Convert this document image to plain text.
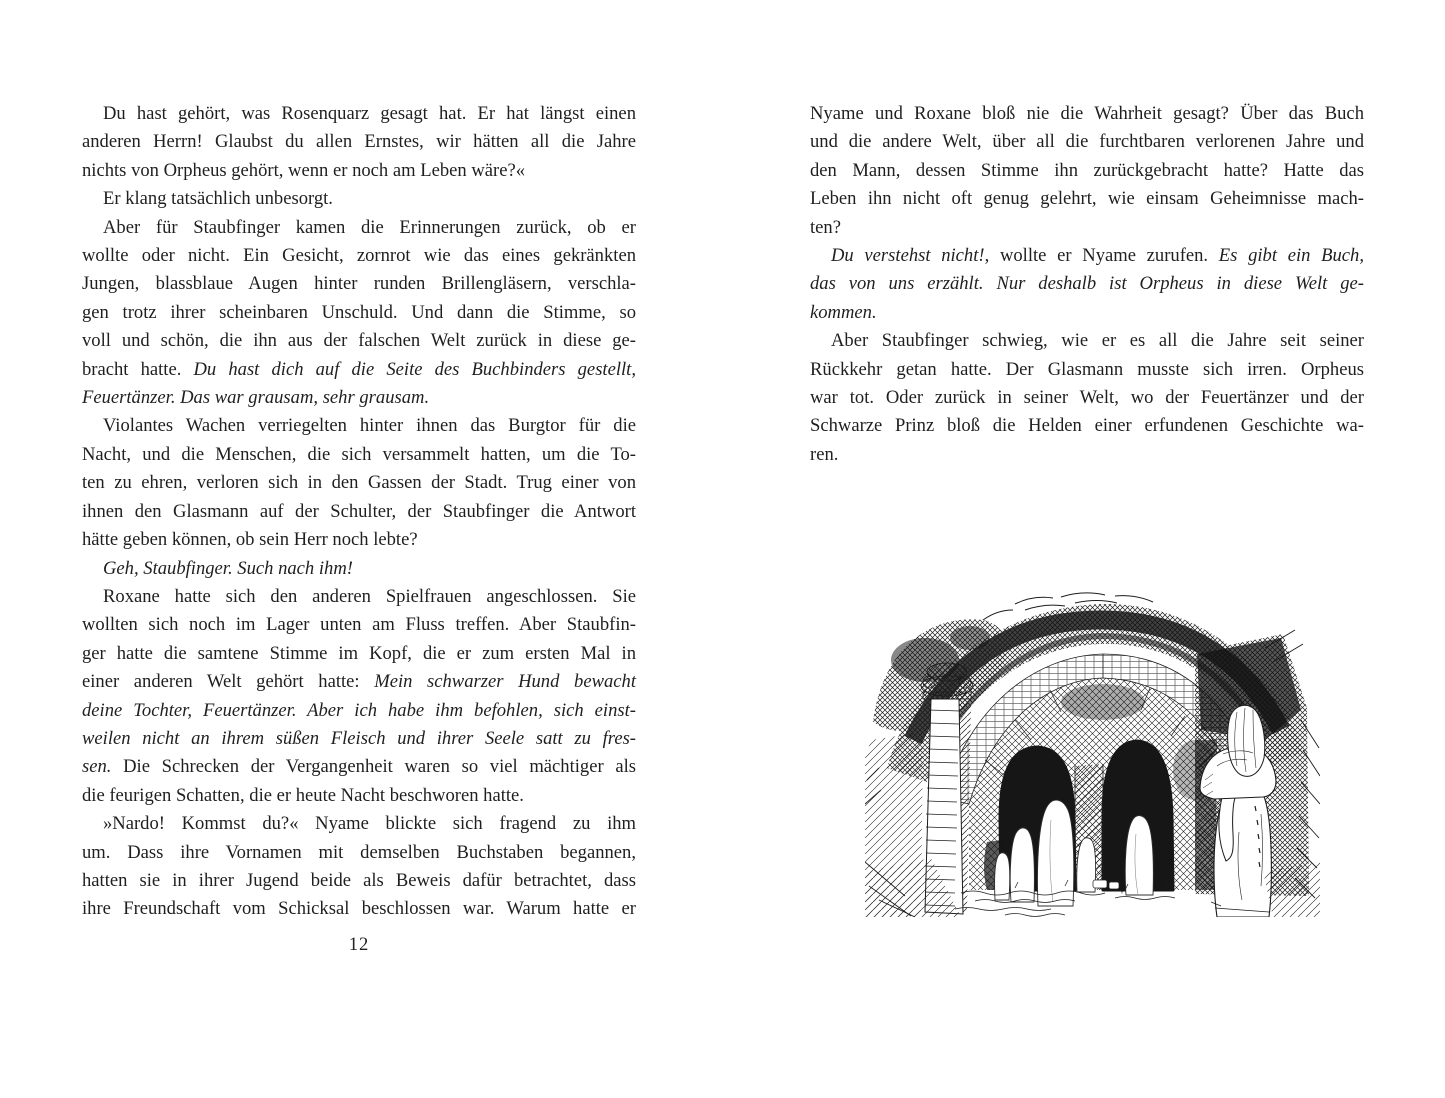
Du hast gehört, was Rosenquarz gesagt hat. Er hat längst einen
anderen Herrn! Glaubst du allen Ernstes, wir hätten all die Jahre
nichts von Orpheus gehört, wenn er noch am Leben wäre?«
Er klang tatsächlich unbesorgt.
Aber für Staubfinger kamen die Erinnerungen zurück, ob er
wollte oder nicht. Ein Gesicht, zornrot wie das eines gekränkten
Jungen, blassblaue Augen hinter runden Brillengläsern, verschla-
gen trotz ihrer scheinbaren Unschuld. Und dann die Stimme, so
voll und schön, die ihn aus der falschen Welt zurück in diese ge-
bracht hatte. Du hast dich auf die Seite des Buchbinders gestellt,
Feuertänzer. Das war grausam, sehr grausam.
Violantes Wachen verriegelten hinter ihnen das Burgtor für die
Nacht, und die Menschen, die sich versammelt hatten, um die To-
ten zu ehren, verloren sich in den Gassen der Stadt. Trug einer von
ihnen den Glasmann auf der Schulter, der Staubfinger die Antwort
hätte geben können, ob sein Herr noch lebte?
Geh, Staubfinger. Such nach ihm!
Roxane hatte sich den anderen Spielfrauen angeschlossen. Sie
wollten sich noch im Lager unten am Fluss treffen. Aber Staubfin-
ger hatte die samtene Stimme im Kopf, die er zum ersten Mal in
einer anderen Welt gehört hatte: Mein schwarzer Hund bewacht
deine Tochter, Feuertänzer. Aber ich habe ihm befohlen, sich einst-
weilen nicht an ihrem süßen Fleisch und ihrer Seele satt zu fres-
sen. Die Schrecken der Vergangenheit waren so viel mächtiger als
die feurigen Schatten, die er heute Nacht beschworen hatte.
»Nardo! Kommst du?« Nyame blickte sich fragend zu ihm
um. Dass ihre Vornamen mit demselben Buchstaben begannen,
hatten sie in ihrer Jugend beide als Beweis dafür betrachtet, dass
ihre Freundschaft vom Schicksal beschlossen war. Warum hatte er
12
Nyame und Roxane bloß nie die Wahrheit gesagt? Über das Buch
und die andere Welt, über all die furchtbaren verlorenen Jahre und
den Mann, dessen Stimme ihn zurückgebracht hatte? Hatte das
Leben ihn nicht oft genug gelehrt, wie einsam Geheimnisse mach-
ten?
Du verstehst nicht!, wollte er Nyame zurufen. Es gibt ein Buch,
das von uns erzählt. Nur deshalb ist Orpheus in diese Welt ge-
kommen.
Aber Staubfinger schwieg, wie er es all die Jahre seit seiner
Rückkehr getan hatte. Der Glasmann musste sich irren. Orpheus
war tot. Oder zurück in seiner Welt, wo der Feuertänzer und der
Schwarze Prinz bloß die Helden einer erfundenen Geschichte wa-
ren.
